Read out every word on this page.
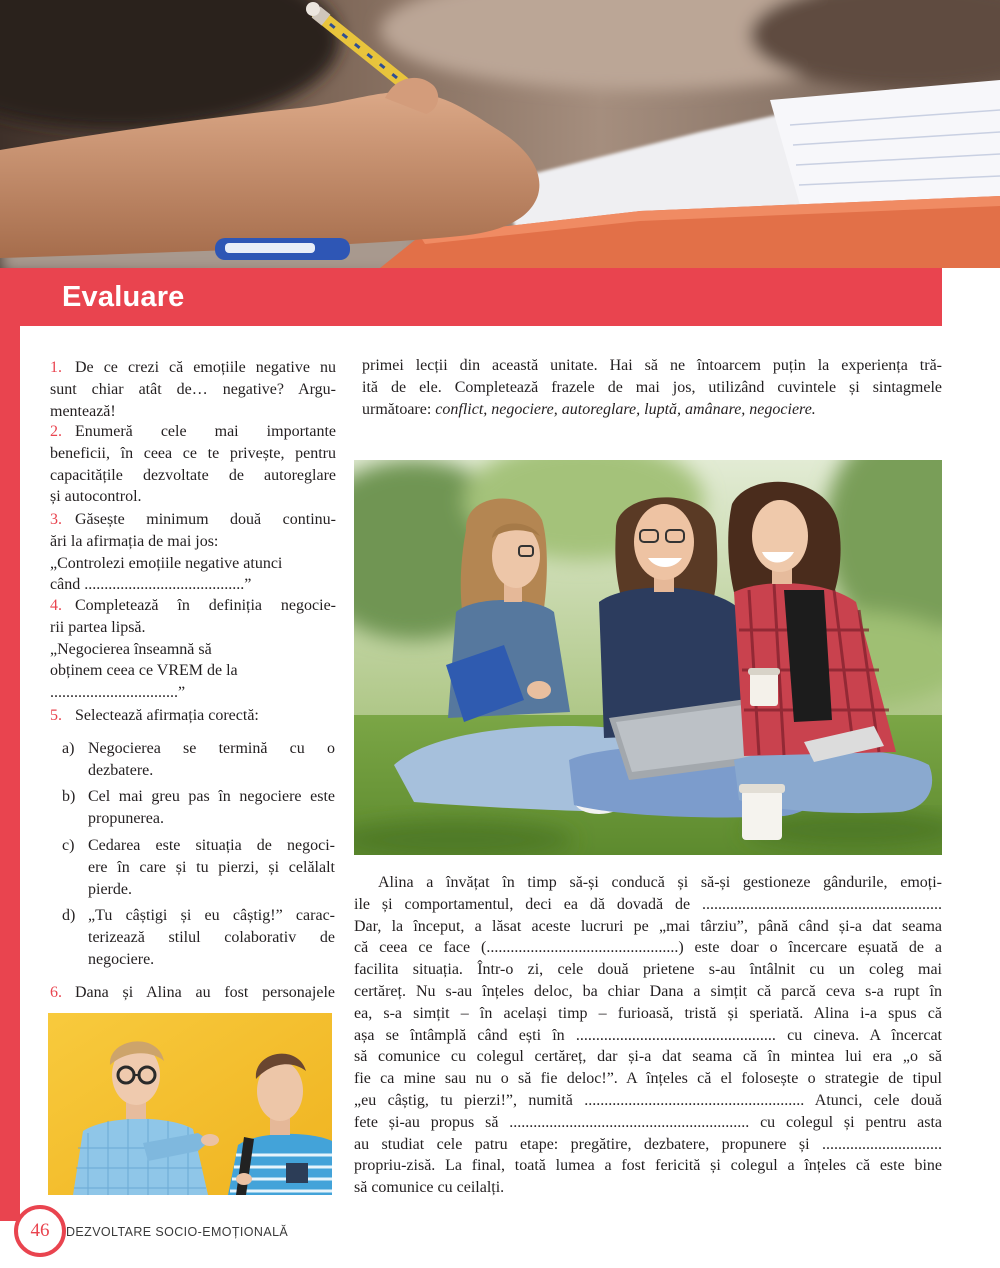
Evaluare
1. De ce crezi că emoțiile negative nu
sunt chiar atât de… negative? Argu-
mentează!
2. Enumeră cele mai importante
beneficii, în ceea ce te privește, pentru
capacitățile dezvoltate de autoreglare
și autocontrol.
3. Găsește minimum două continu-
ări la afirmația de mai jos:
„Controlezi emoțiile negative atunci
când ........................................”
4. Completează în definiția negocie-
rii partea lipsă.
„Negocierea înseamnă să
obținem ceea ce VREM de la
................................”
5. Selectează afirmația corectă:
a) Negocierea se termină cu o
dezbatere.
b) Cel mai greu pas în negociere este
propunerea.
c) Cedarea este situația de negoci-
ere în care și tu pierzi, și celălalt
pierde.
d) „Tu câștigi și eu câștig!” carac-
terizează stilul colaborativ de
negociere.
6. Dana și Alina au fost personajele
primei lecții din această unitate. Hai să ne întoarcem puțin la experiența tră-
ită de ele. Completează frazele de mai jos, utilizând cuvintele și sintagmele
următoare: conflict, negociere, autoreglare, luptă, amânare, negociere.
Alina a învățat în timp să-și conducă și să-și gestioneze gândurile, emoți-
ile și comportamentul, deci ea dă dovadă de ............................................................
Dar, la început, a lăsat aceste lucruri pe „mai târziu”, până când și-a dat seama
că ceea ce face (................................................) este doar o încercare eșuată de a
facilita situația. Într-o zi, cele două prietene s-au întâlnit cu un coleg mai
certăreț. Nu s-au înțeles deloc, ba chiar Dana a simțit că parcă ceva s-a rupt în
ea, s-a simțit – în același timp – furioasă, tristă și speriată. Alina i-a spus că
așa se întâmplă când ești în .................................................. cu cineva. A încercat
să comunice cu colegul certăreț, dar și-a dat seama că în mintea lui era „o să
fie ca mine sau nu o să fie deloc!”. A înțeles că el folosește o strategie de tipul
„eu câștig, tu pierzi!”, numită ....................................................... Atunci, cele două
fete și-au propus să ............................................................ cu colegul și pentru asta
au studiat cele patru etape: pregătire, dezbatere, propunere și ..............................
propriu-zisă. La final, toată lumea a fost fericită și colegul a înțeles că este bine
să comunice cu ceilalți.
46	DEZVOLTARE SOCIO-EMOȚIONALĂ
